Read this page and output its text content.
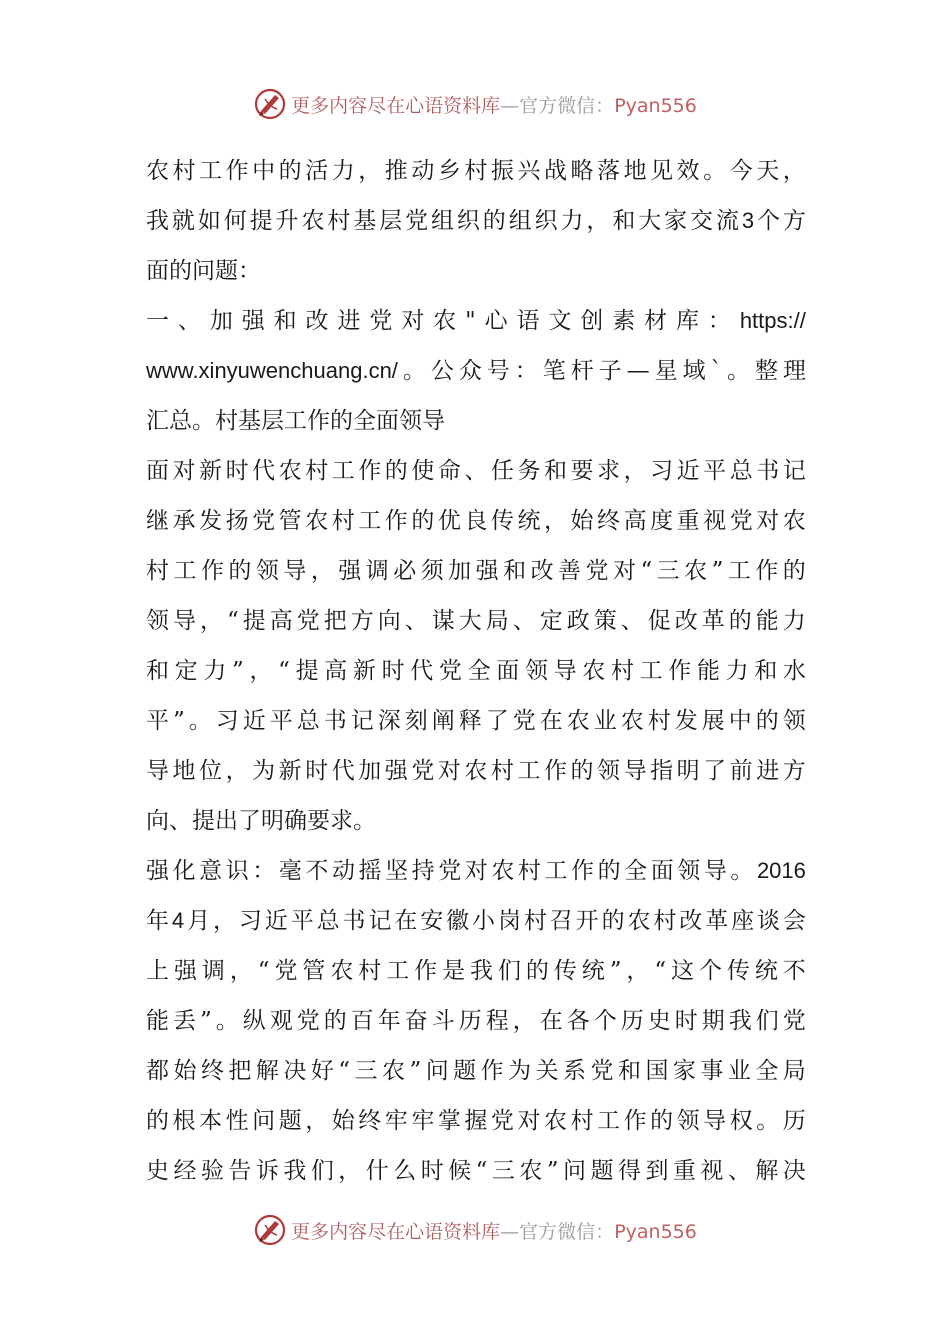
更多内容尽在心语资料库—官方微信：Pyan556
农 村 工 作 中 的 活 力 ， 推 动 乡 村 振 兴 战 略 落 地 见 效 。 今 天 ，
我 就 如 何 提 升 农 村 基 层 党 组 织 的 组 织 力 ， 和 大 家 交 流 3 个 方
面 的 问 题 ：
一 、 加 强 和 改 进 党 对 农 " 心 语 文 创 素 材 库 ： https://
www.xinyuwenchuang.cn/ 。 公 众 号 ： 笔 杆 子 — 星 域 ` 。 整 理
汇 总 。 村 基 层 工 作 的 全 面 领 导
面 对 新 时 代 农 村 工 作 的 使 命 、 任 务 和 要 求 ， 习 近 平 总 书 记
继 承 发 扬 党 管 农 村 工 作 的 优 良 传 统 ， 始 终 高 度 重 视 党 对 农
村 工 作 的 领 导 ， 强 调 必 须 加 强 和 改 善 党 对 “ 三 农 ” 工 作 的
领 导 ， “ 提 高 党 把 方 向 、 谋 大 局 、 定 政 策 、 促 改 革 的 能 力
和 定 力 ” ， “ 提 高 新 时 代 党 全 面 领 导 农 村 工 作 能 力 和 水
平 ” 。 习 近 平 总 书 记 深 刻 阐 释 了 党 在 农 业 农 村 发 展 中 的 领
导 地 位 ， 为 新 时 代 加 强 党 对 农 村 工 作 的 领 导 指 明 了 前 进 方
向 、 提 出 了 明 确 要 求 。
强 化 意 识 ： 毫 不 动 摇 坚 持 党 对 农 村 工 作 的 全 面 领 导 。 2016
年 4 月 ， 习 近 平 总 书 记 在 安 徽 小 岗 村 召 开 的 农 村 改 革 座 谈 会
上 强 调 ， “ 党 管 农 村 工 作 是 我 们 的 传 统 ” ， “ 这 个 传 统 不
能 丢 ” 。 纵 观 党 的 百 年 奋 斗 历 程 ， 在 各 个 历 史 时 期 我 们 党
都 始 终 把 解 决 好 “ 三 农 ” 问 题 作 为 关 系 党 和 国 家 事 业 全 局
的 根 本 性 问 题 ， 始 终 牢 牢 掌 握 党 对 农 村 工 作 的 领 导 权 。 历
史 经 验 告 诉 我 们 ， 什 么 时 候 “ 三 农 ” 问 题 得 到 重 视 、 解 决
更多内容尽在心语资料库—官方微信：Pyan556
